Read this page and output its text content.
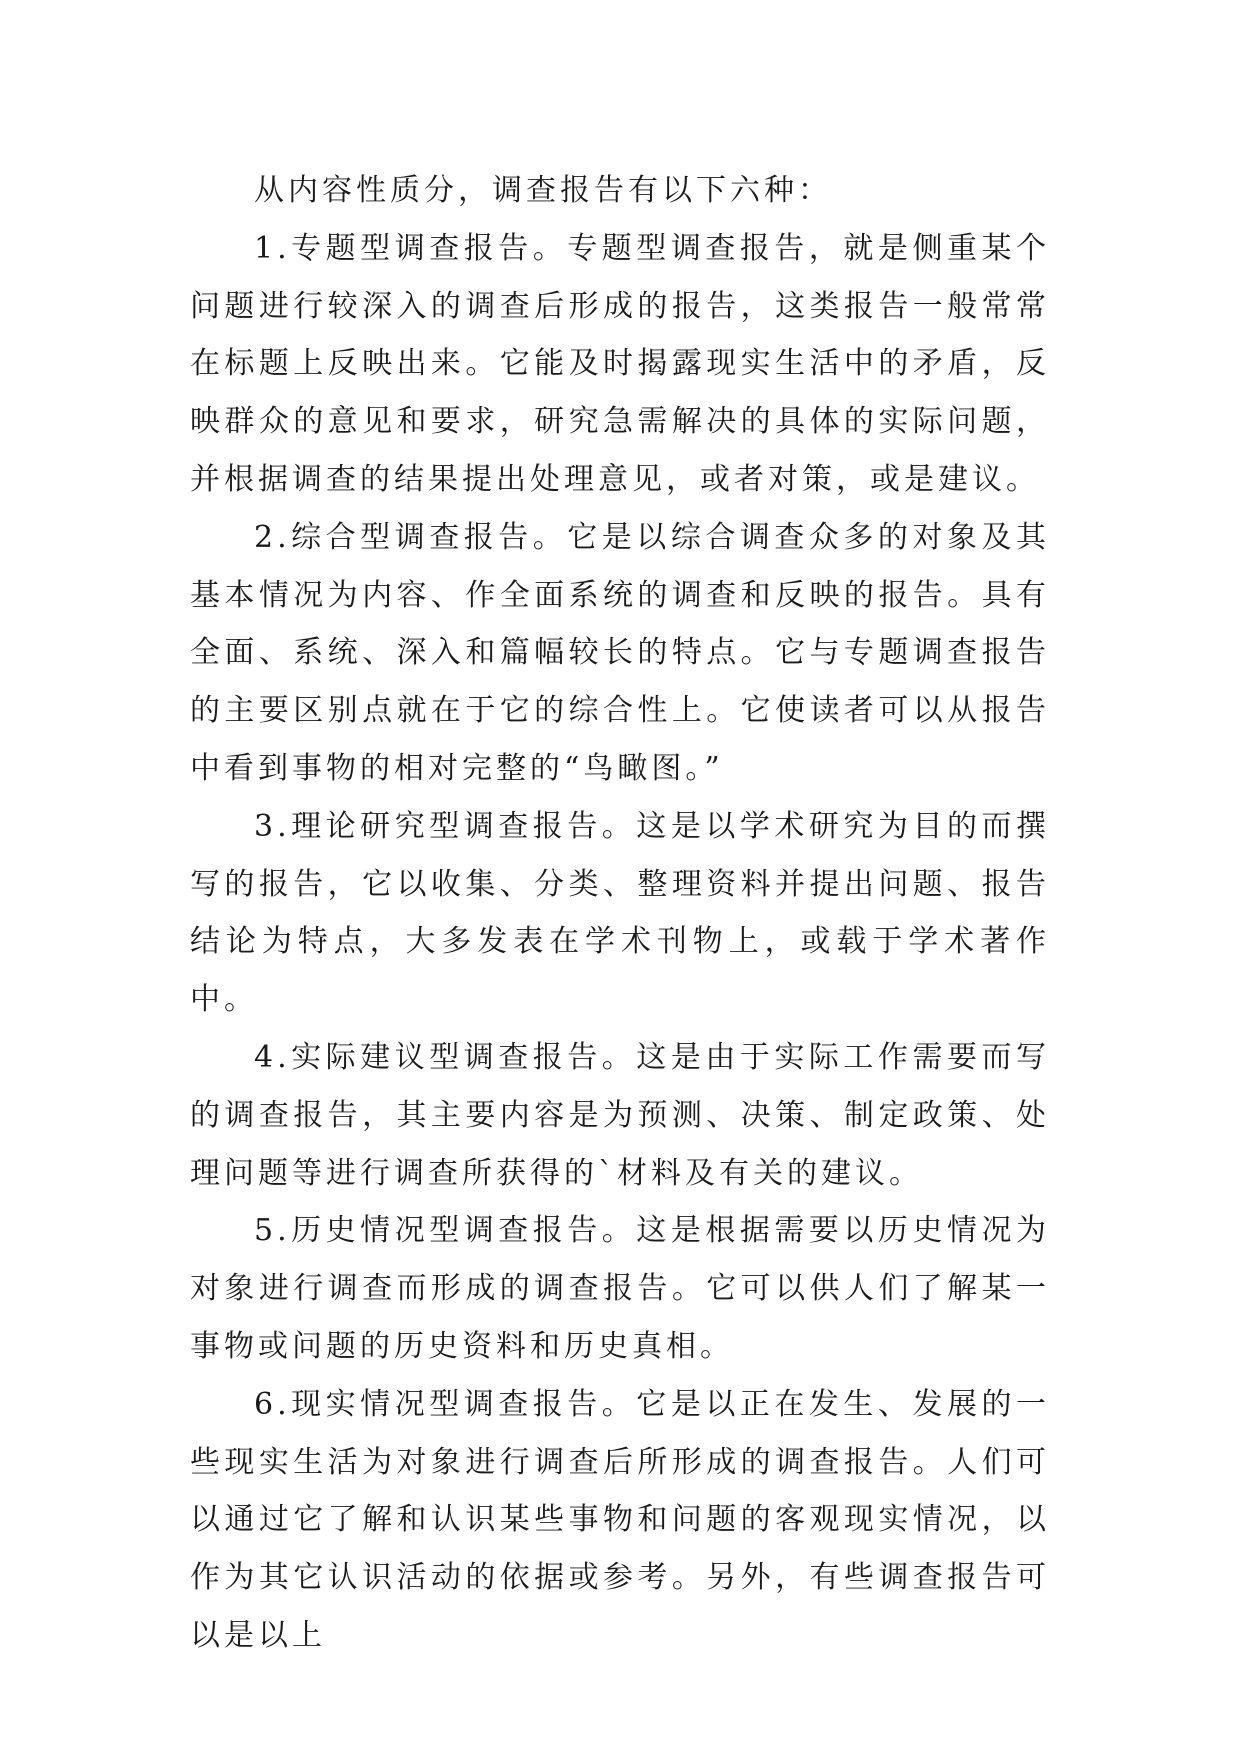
从内容性质分，调查报告有以下六种：

1.专题型调查报告。专题型调查报告，就是侧重某个问题进行较深入的调查后形成的报告，这类报告一般常常在标题上反映出来。它能及时揭露现实生活中的矛盾，反映群众的意见和要求，研究急需解决的具体的实际问题，并根据调查的结果提出处理意见，或者对策，或是建议。

2.综合型调查报告。它是以综合调查众多的对象及其基本情况为内容、作全面系统的调查和反映的报告。具有全面、系统、深入和篇幅较长的特点。它与专题调查报告的主要区别点就在于它的综合性上。它使读者可以从报告中看到事物的相对完整的“鸟瞰图。”

3.理论研究型调查报告。这是以学术研究为目的而撰写的报告，它以收集、分类、整理资料并提出问题、报告结论为特点，大多发表在学术刊物上，或载于学术著作中。

4.实际建议型调查报告。这是由于实际工作需要而写的调查报告，其主要内容是为预测、决策、制定政策、处理问题等进行调查所获得的`材料及有关的建议。

5.历史情况型调查报告。这是根据需要以历史情况为对象进行调查而形成的调查报告。它可以供人们了解某一事物或问题的历史资料和历史真相。

6.现实情况型调查报告。它是以正在发生、发展的一些现实生活为对象进行调查后所形成的调查报告。人们可以通过它了解和认识某些事物和问题的客观现实情况，以作为其它认识活动的依据或参考。另外，有些调查报告可以是以上
